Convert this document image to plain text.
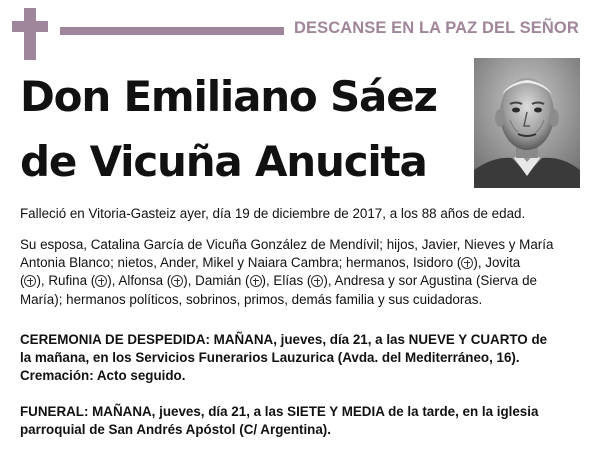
DESCANSE EN LA PAZ DEL SEÑOR
Don Emiliano Sáez
de Vicuña Anucita
Falleció en Vitoria-Gasteiz ayer, día 19 de diciembre de 2017, a los 88 años de edad.
Su esposa, Catalina García de Vicuña González de Mendívil; hijos, Javier, Nieves y María
Antonia Blanco; nietos, Ander, Mikel y Naiara Cambra; hermanos, Isidoro ( ), Jovita
( ), Rufina ( ), Alfonsa ( ), Damián ( ), Elías ( ), Andresa y sor Agustina (Sierva de
María); hermanos políticos, sobrinos, primos, demás familia y sus cuidadoras.
CEREMONIA DE DESPEDIDA: MAÑANA, jueves, día 21, a las NUEVE Y CUARTO de
la mañana, en los Servicios Funerarios Lauzurica (Avda. del Mediterráneo, 16).
Cremación: Acto seguido.
FUNERAL: MAÑANA, jueves, día 21, a las SIETE Y MEDIA de la tarde, en la iglesia
parroquial de San Andrés Apóstol (C/ Argentina).
